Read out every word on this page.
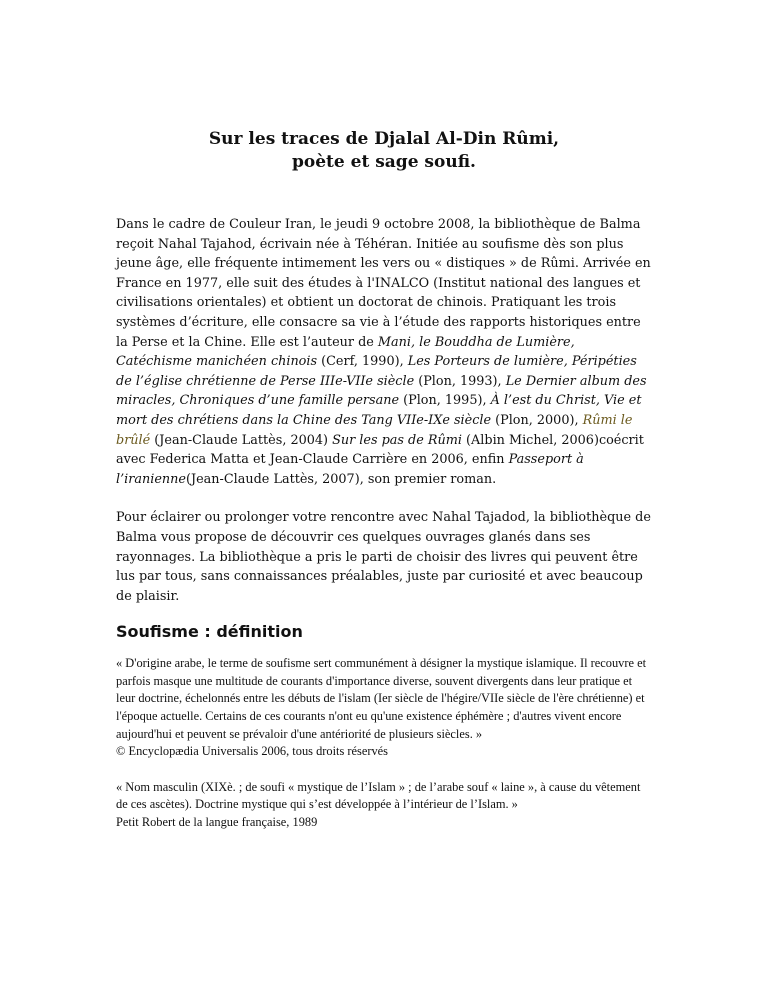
Sur les traces de Djalal Al-Din Rûmi,
poète et sage soufi.

Dans le cadre de Couleur Iran, le jeudi 9 octobre 2008, la bibliothèque de Balma reçoit Nahal Tajahod, écrivain née à Téhéran. Initiée au soufisme dès son plus jeune âge, elle fréquente intimement les vers ou « distiques » de Rûmi. Arrivée en France en 1977, elle suit des études à l'INALCO (Institut national des langues et civilisations orientales) et obtient un doctorat de chinois. Pratiquant les trois systèmes d’écriture, elle consacre sa vie à l’étude des rapports historiques entre la Perse et la Chine. Elle est l’auteur de Mani, le Bouddha de Lumière, Catéchisme manichéen chinois (Cerf, 1990), Les Porteurs de lumière, Péripéties de l’église chrétienne de Perse IIIe-VIIe siècle (Plon, 1993), Le Dernier album des miracles, Chroniques d’une famille persane (Plon, 1995), À l’est du Christ, Vie et mort des chrétiens dans la Chine des Tang VIIe-IXe siècle (Plon, 2000), Rûmi le brûlé (Jean-Claude Lattès, 2004) Sur les pas de Rûmi (Albin Michel, 2006)coécrit avec Federica Matta et Jean-Claude Carrière en 2006, enfin Passeport à l’iranienne(Jean-Claude Lattès, 2007), son premier roman.

Pour éclairer ou prolonger votre rencontre avec Nahal Tajadod, la bibliothèque de Balma vous propose de découvrir ces quelques ouvrages glanés dans ses rayonnages. La bibliothèque a pris le parti de choisir des livres qui peuvent être lus par tous, sans connaissances préalables, juste par curiosité et avec beaucoup de plaisir.

Soufisme : définition

« D'origine arabe, le terme de soufisme sert communément à désigner la mystique islamique. Il recouvre et parfois masque une multitude de courants d'importance diverse, souvent divergents dans leur pratique et leur doctrine, échelonnés entre les débuts de l'islam (Ier siècle de l'hégire/VIIe siècle de l'ère chrétienne) et l'époque actuelle. Certains de ces courants n'ont eu qu'une existence éphémère ; d'autres vivent encore aujourd'hui et peuvent se prévaloir d'une antériorité de plusieurs siècles. »
© Encyclopædia Universalis 2006, tous droits réservés

« Nom masculin (XIXè. ; de soufi « mystique de l’Islam » ; de l’arabe souf « laine », à cause du vêtement de ces ascètes). Doctrine mystique qui s’est développée à l’intérieur de l’Islam. »
Petit Robert de la langue française, 1989
